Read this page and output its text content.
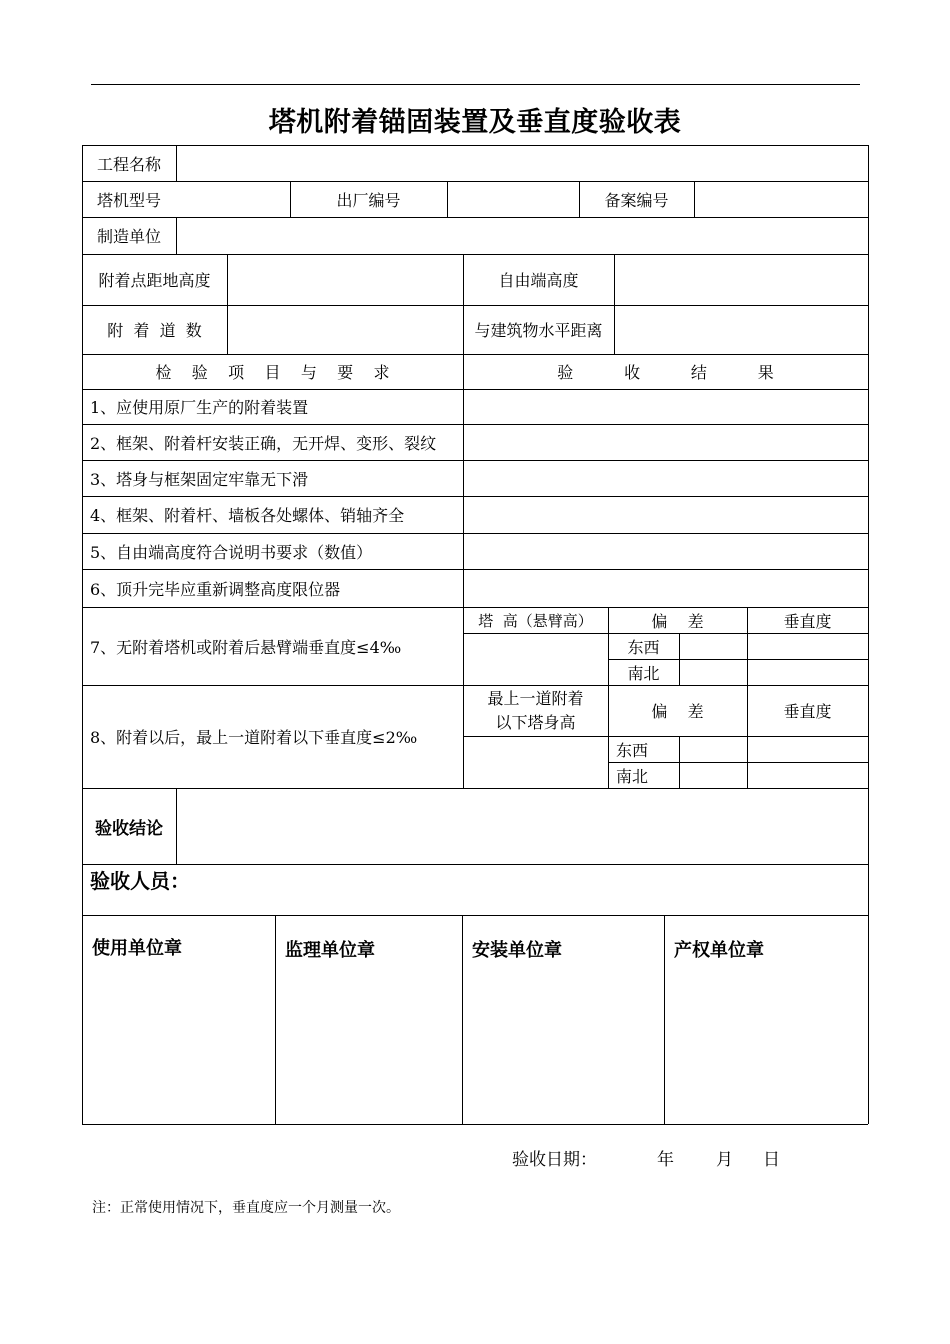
塔机附着锚固装置及垂直度验收表
工程名称
塔机型号	出厂编号	备案编号
制造单位
附着点距地高度	自由端高度
附  着  道  数	与建筑物水平距离
检    验    项    目    与    要    求	验          收          结          果
1、应使用原厂生产的附着装置
2、框架、附着杆安装正确，无开焊、变形、裂纹
3、塔身与框架固定牢靠无下滑
4、框架、附着杆、墙板各处螺体、销轴齐全
5、自由端高度符合说明书要求（数值）
6、顶升完毕应重新调整高度限位器
7、无附着塔机或附着后悬臂端垂直度≤4‰
塔  高（悬臂高）	偏    差	垂直度
东西
南北
8、附着以后，最上一道附着以下垂直度≤2‰
最上一道附着
以下塔身高
偏    差	垂直度
东西
南北
验收结论
验收人员：
使用单位章	监理单位章	安装单位章	产权单位章
验收日期：	年 月 日
注：正常使用情况下，垂直度应一个月测量一次。
